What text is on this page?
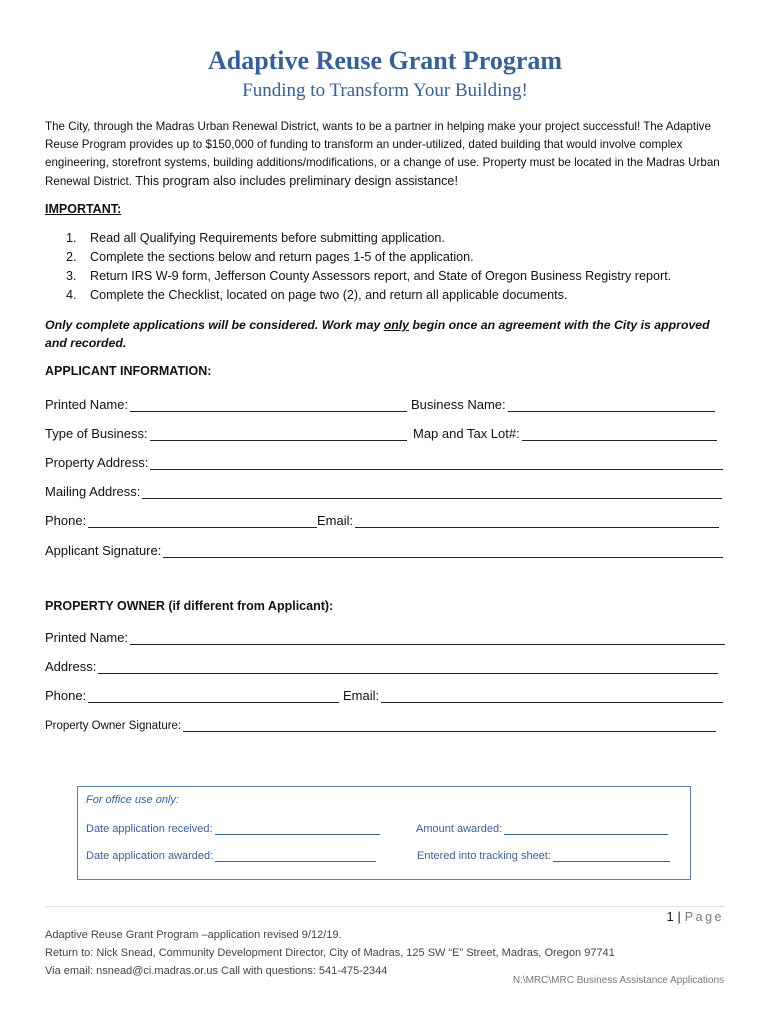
Adaptive Reuse Grant Program
Funding to Transform Your Building!
The City, through the Madras Urban Renewal District, wants to be a partner in helping make your project successful! The Adaptive Reuse Program provides up to $150,000 of funding to transform an under-utilized, dated building that would involve complex engineering, storefront systems, building additions/modifications, or a change of use. Property must be located in the Madras Urban Renewal District. This program also includes preliminary design assistance!
IMPORTANT:
1. Read all Qualifying Requirements before submitting application.
2. Complete the sections below and return pages 1-5 of the application.
3. Return IRS W-9 form, Jefferson County Assessors report, and State of Oregon Business Registry report.
4. Complete the Checklist, located on page two (2), and return all applicable documents.
Only complete applications will be considered. Work may only begin once an agreement with the City is approved and recorded.
APPLICANT INFORMATION:
Printed Name:	Business Name:
Type of Business:	Map and Tax Lot#:
Property Address:
Mailing Address:
Phone:	Email:
Applicant Signature:
PROPERTY OWNER (if different from Applicant):
Printed Name:
Address:
Phone:	Email:
Property Owner Signature:
For office use only:
Date application received:	Amount awarded:
Date application awarded:	Entered into tracking sheet:
1 | Page
Adaptive Reuse Grant Program –application revised 9/12/19.
Return to: Nick Snead, Community Development Director, City of Madras, 125 SW “E” Street, Madras, Oregon 97741
Via email: nsnead@ci.madras.or.us Call with questions: 541-475-2344
N:\MRC\MRC Business Assistance Applications
